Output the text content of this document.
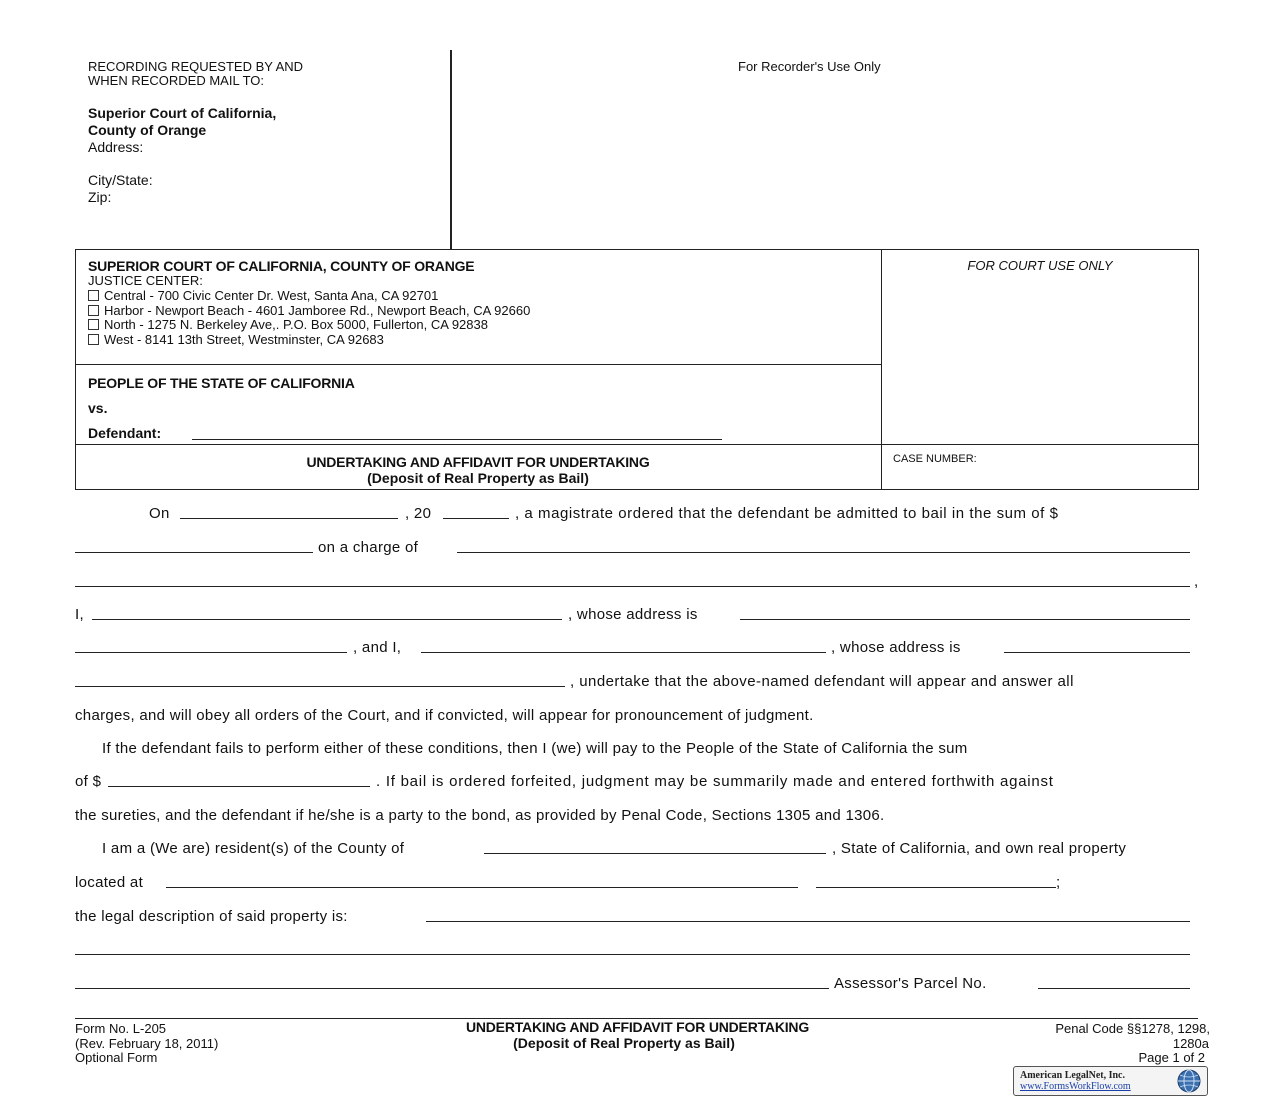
RECORDING REQUESTED BY AND
WHEN RECORDED MAIL TO:
Superior Court of California,
County of Orange
Address:
City/State:
Zip:
For Recorder's Use Only
SUPERIOR COURT OF CALIFORNIA, COUNTY OF ORANGE
JUSTICE CENTER:
Central - 700 Civic Center Dr. West, Santa Ana, CA 92701
Harbor - Newport Beach - 4601 Jamboree Rd., Newport Beach, CA 92660
North - 1275 N. Berkeley Ave,. P.O. Box 5000, Fullerton, CA 92838
West - 8141 13th Street, Westminster, CA 92683
FOR COURT USE ONLY
PEOPLE OF THE STATE OF CALIFORNIA
vs.
Defendant:
UNDERTAKING AND AFFIDAVIT FOR UNDERTAKING
(Deposit of Real Property as Bail)
CASE NUMBER:
On	, 20	, a magistrate ordered that the defendant be admitted to bail in the sum of $
on a charge of
,
I,	, whose address is
, and I,	, whose address is
, undertake that the above-named defendant will appear and answer all
charges, and will obey all orders of the Court, and if convicted, will appear for pronouncement of judgment.
If the defendant fails to perform either of these conditions, then I (we) will pay to the People of the State of California the sum
of $	. If bail is ordered forfeited, judgment may be summarily made and entered forthwith against
the sureties, and the defendant if he/she is a party to the bond, as provided by Penal Code, Sections 1305 and 1306.
I am a (We are) resident(s) of the County of	, State of California, and own real property
located at	;
the legal description of said property is:
Assessor's Parcel No.
Form No. L-205
(Rev. February 18, 2011)
Optional Form
UNDERTAKING AND AFFIDAVIT FOR UNDERTAKING
(Deposit of Real Property as Bail)
Penal Code §§1278, 1298,
1280a
Page 1 of 2
American LegalNet, Inc.
www.FormsWorkFlow.com
